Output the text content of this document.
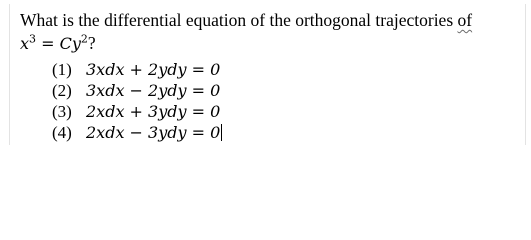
What is the differential equation of the orthogonal trajectories of
$x^3 = Cy^2$?
(1) 3xdx + 2ydy = 0
(2) 3xdx − 2ydy = 0
(3) 2xdx + 3ydy = 0
(4) 2xdx − 3ydy = 0
